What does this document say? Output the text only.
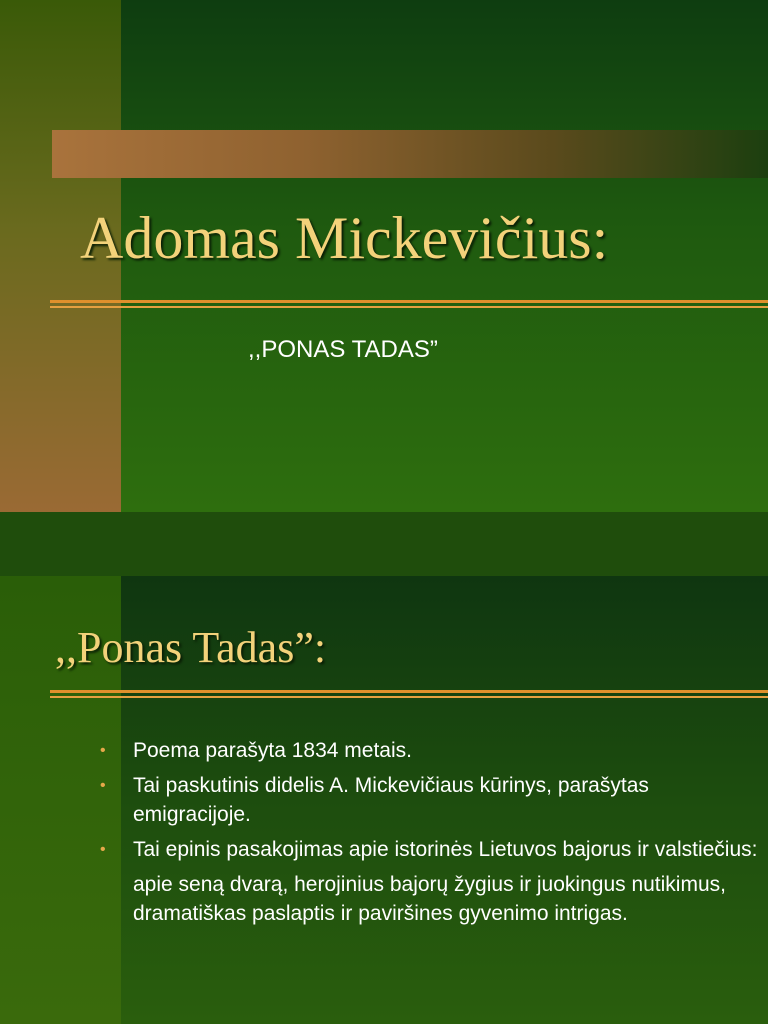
Adomas Mickevičius:

,,PONAS TADAS”

,,Ponas Tadas”:
• Poema parašyta 1834 metais.
• Tai paskutinis didelis A. Mickevičiaus kūrinys, parašytas emigracijoje.
• Tai epinis pasakojimas apie istorinės Lietuvos bajorus ir valstiečius:
apie seną dvarą, herojinius bajorų žygius ir juokingus nutikimus, dramatiškas paslaptis ir paviršines gyvenimo intrigas.
